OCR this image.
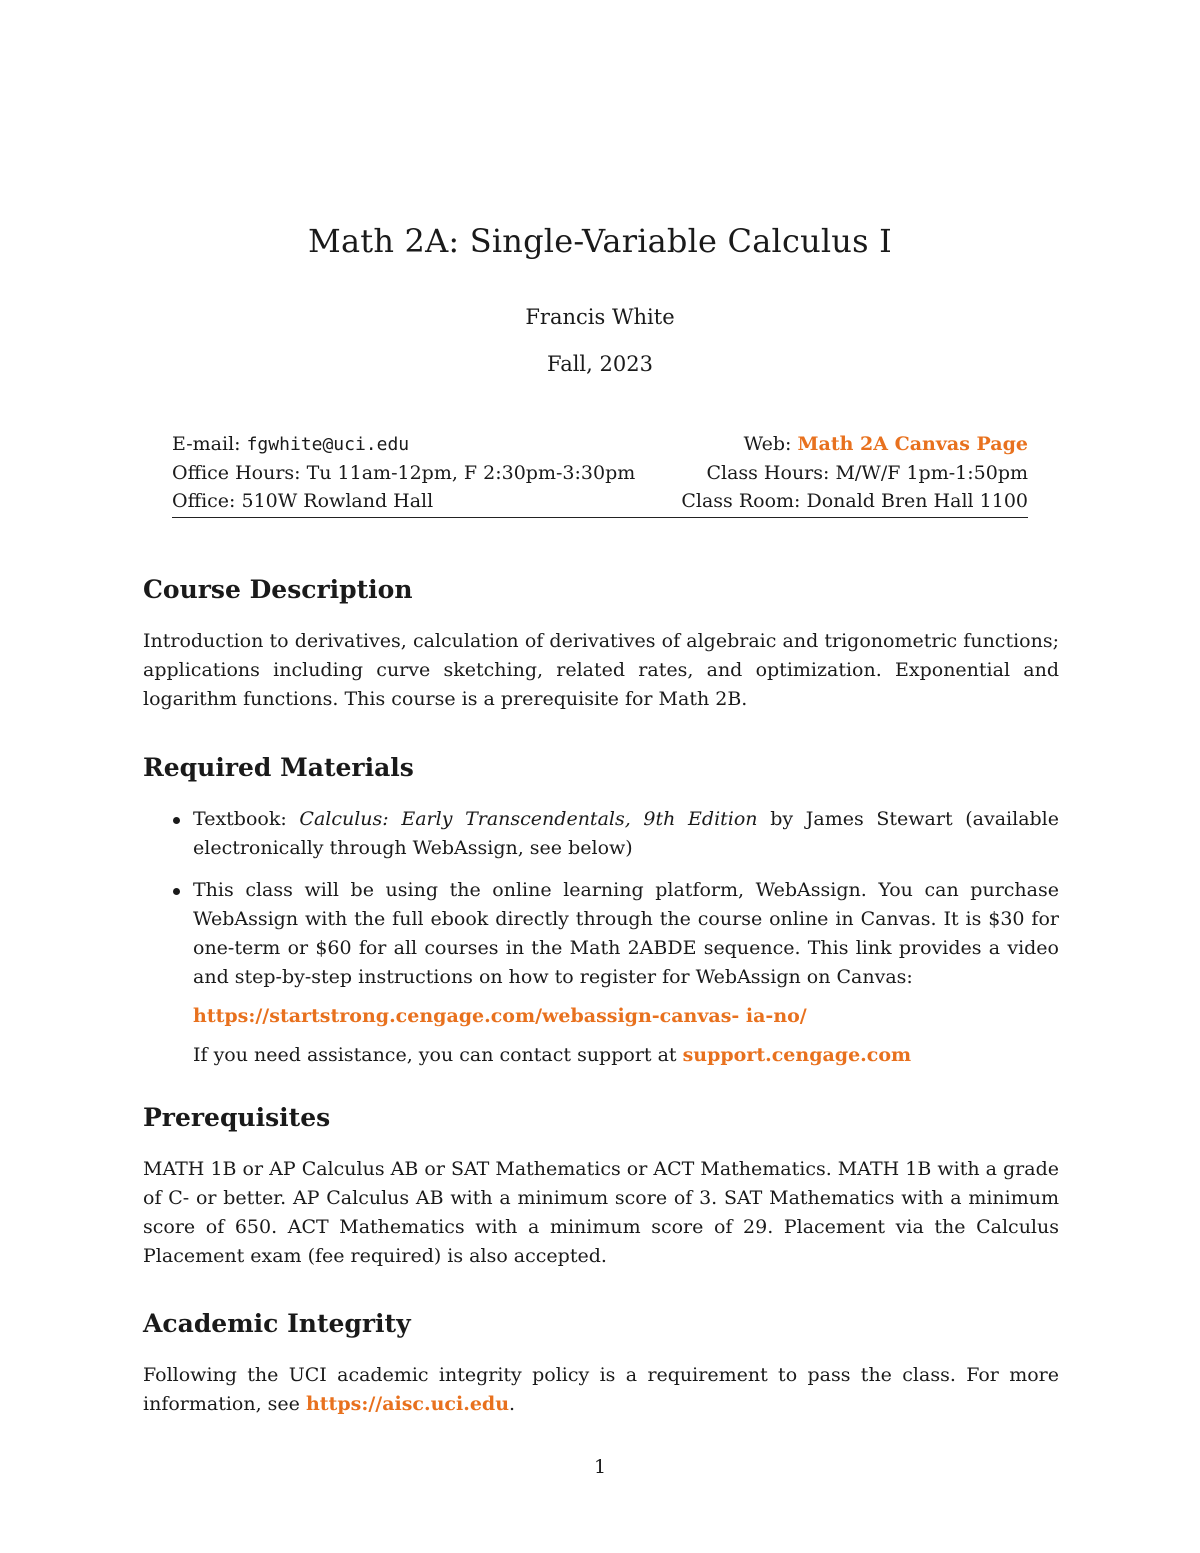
Math 2A: Single-Variable Calculus I
Francis White
Fall, 2023
E-mail: fgwhite@uci.edu	Web: Math 2A Canvas Page
Office Hours: Tu 11am-12pm, F 2:30pm-3:30pm	Class Hours: M/W/F 1pm-1:50pm
Office: 510W Rowland Hall	Class Room: Donald Bren Hall 1100
Course Description

Introduction to derivatives, calculation of derivatives of algebraic and trigonometric functions; applications including curve sketching, related rates, and optimization. Exponential and logarithm functions. This course is a prerequisite for Math 2B.

Required Materials
Textbook: Calculus: Early Transcendentals, 9th Edition by James Stewart (available electronically through WebAssign, see below)
This class will be using the online learning platform, WebAssign. You can purchase WebAssign with the full ebook directly through the course online in Canvas. It is $30 for one-term or $60 for all courses in the Math 2ABDE sequence. This link provides a video and step-by-step instructions on how to register for WebAssign on Canvas:

https://startstrong.cengage.com/webassign-canvas- ia-no/

If you need assistance, you can contact support at support.cengage.com

Prerequisites

MATH 1B or AP Calculus AB or SAT Mathematics or ACT Mathematics. MATH 1B with a grade of C- or better. AP Calculus AB with a minimum score of 3. SAT Mathematics with a minimum score of 650. ACT Mathematics with a minimum score of 29. Placement via the Calculus Placement exam (fee required) is also accepted.

Academic Integrity

Following the UCI academic integrity policy is a requirement to pass the class. For more information, see https://aisc.uci.edu.

1
